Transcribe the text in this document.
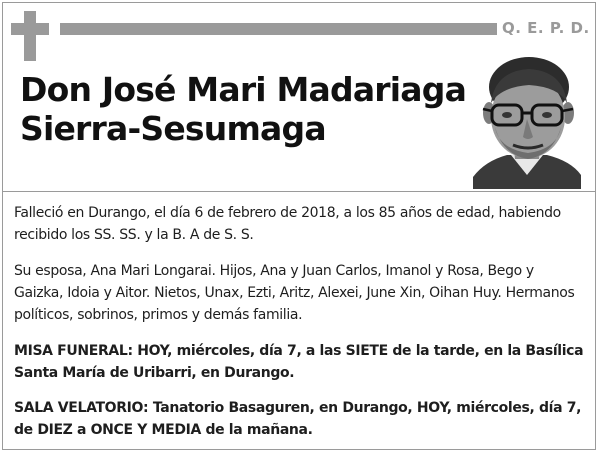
Q. E. P. D.
Don José Mari Madariaga
Sierra-Sesumaga

Falleció en Durango, el día 6 de febrero de 2018, a los 85 años de edad, habiendo recibido los SS. SS. y la B. A de S. S.

Su esposa, Ana Mari Longarai. Hijos, Ana y Juan Carlos, Imanol y Rosa, Bego y Gaizka, Idoia y Aitor. Nietos, Unax, Ezti, Aritz, Alexei, June Xin, Oihan Huy. Hermanos políticos, sobrinos, primos y demás familia.

MISA FUNERAL: HOY, miércoles, día 7, a las SIETE de la tarde, en la Basílica Santa María de Uribarri, en Durango.

SALA VELATORIO: Tanatorio Basaguren, en Durango, HOY, miércoles, día 7, de DIEZ a ONCE Y MEDIA de la mañana.
